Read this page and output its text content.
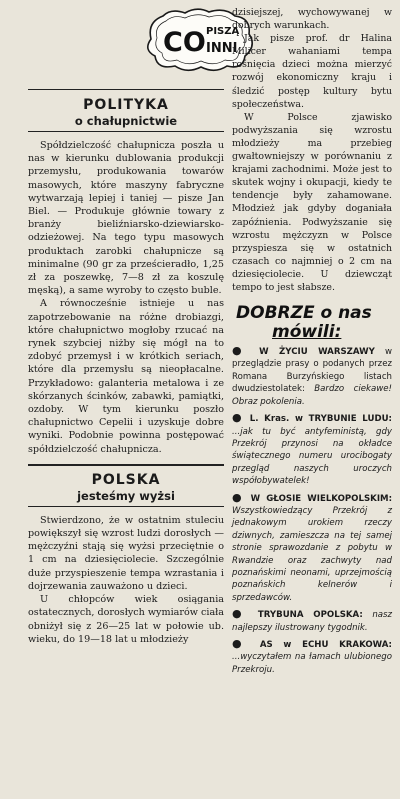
CO PISZĄ
INNI
POLITYKA
o chałupnictwie

Spółdzielczość chałupnicza poszła u nas w kierunku dublowania produkcji przemysłu, produkowania towarów masowych, które maszyny fabryczne wytwarzają lepiej i taniej — pisze Jan Biel. — Produkuje głównie towary z branży bieliźniarsko-dziewiarsko-odzieżowej. Na tego typu masowych produktach zarobki chałupnicze są minimalne (90 gr za prześcieradło, 1,25 zł za poszewkę, 7—8 zł za koszulę męską), a same wyroby to często buble.

A równocześnie istnieje u nas zapotrzebowanie na różne drobiazgi, które chałupnictwo mogłoby rzucać na rynek szybciej niżby się mógł na to zdobyć przemysł i w krótkich seriach, które dla przemysłu są nieopłacalne. Przykładowo: galanteria metalowa i ze skórzanych ścinków, zabawki, pamiątki, ozdoby. W tym kierunku poszło chałupnictwo Cepelii i uzyskuje dobre wyniki. Podobnie powinna postępować spółdzielczość chałupnicza.

POLSKA
jesteśmy wyżsi

Stwierdzono, że w ostatnim stuleciu powiększył się wzrost ludzi dorosłych — mężczyźni stają się wyżsi przeciętnie o 1 cm na dziesięciolecie. Szczególnie duże przyspieszenie tempa wzrastania i dojrzewania zauważono u dzieci.

U chłopców wiek osiągania ostatecznych, dorosłych wymiarów ciała obniżył się z 26—25 lat w połowie ub. wieku, do 19—18 lat u młodzieży

dzisiejszej, wychowywanej w dobrych warunkach.

Jak pisze prof. dr Halina Milicer wahaniami tempa rośnięcia dzieci można mierzyć rozwój ekonomiczny kraju i śledzić postęp kultury bytu społeczeństwa.

W Polsce zjawisko podwyższania się wzrostu młodzieży ma przebieg gwałtowniejszy w porównaniu z krajami zachodnimi. Może jest to skutek wojny i okupacji, kiedy te tendencje były zahamowane. Młodzież jak gdyby doganiała zapóźnienia. Podwyższanie się wzrostu mężczyzn w Polsce przyspiesza się w ostatnich czasach co najmniej o 2 cm na dziesięciolecie. U dziewcząt tempo to jest słabsze.

DOBRZE o nas
mówili:

● W ŻYCIU WARSZAWY w przeglądzie prasy o podanych przez Romana Burzyńskiego listach dwudziestolatek: Bardzo ciekawe! Obraz pokolenia.

● L. Kras. w TRYBUNIE LUDU: ...jak tu być antyfeministą, gdy Przekrój przynosi na okładce świątecznego numeru urocibogaty przegląd naszych uroczych współobywatelek!

● W GŁOSIE WIELKOPOLSKIM: Wszystkowiedzący Przekrój z jednakowym urokiem rzeczy dziwnych, zamieszcza na tej samej stronie sprawozdanie z pobytu w Rwandzie oraz zachwyty nad poznańskimi neonami, uprzejmością poznańskich kelnerów i sprzedawców.

● TRYBUNA OPOLSKA: nasz najlepszy ilustrowany tygodnik.

● AS w ECHU KRAKOWA: ...wyczytałem na łamach ulubionego Przekroju.
